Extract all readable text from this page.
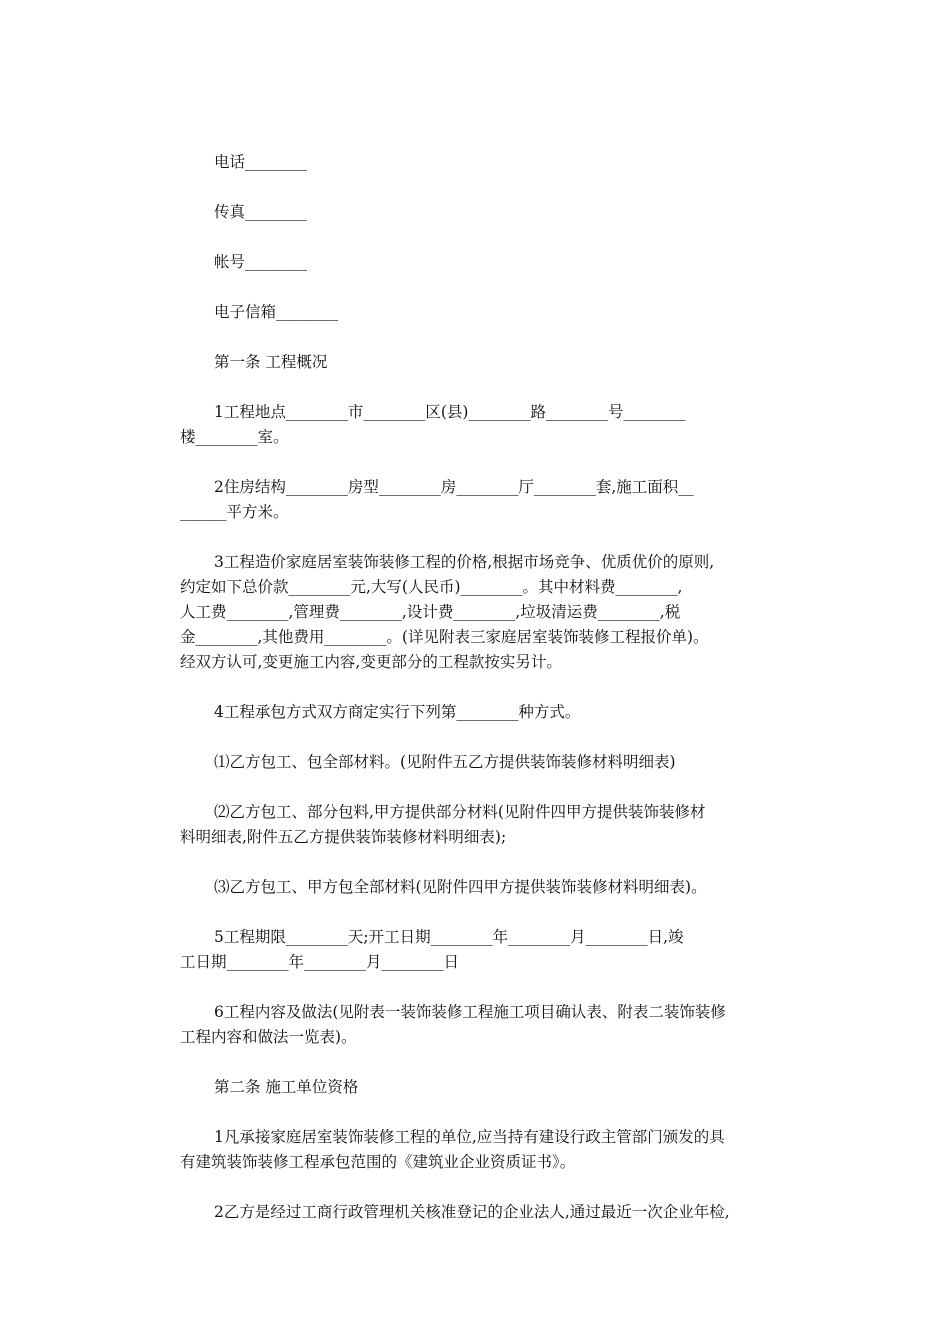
电话________

传真________

帐号________

电子信箱________

第一条 工程概况

1工程地点________市________区(县)________路________号________

楼________室。

2住房结构________房型________房________厅________套,施工面积__

______平方米。

3工程造价家庭居室装饰装修工程的价格,根据市场竞争、优质优价的原则,

约定如下总价款________元,大写(人民币)________。其中材料费________,

人工费________,管理费________,设计费________,垃圾清运费________,税

金________,其他费用________。(详见附表三家庭居室装饰装修工程报价单)。

经双方认可,变更施工内容,变更部分的工程款按实另计。

4工程承包方式双方商定实行下列第________种方式。

⑴乙方包工、包全部材料。(见附件五乙方提供装饰装修材料明细表)

⑵乙方包工、部分包料,甲方提供部分材料(见附件四甲方提供装饰装修材

料明细表,附件五乙方提供装饰装修材料明细表);

⑶乙方包工、甲方包全部材料(见附件四甲方提供装饰装修材料明细表)。

5工程期限________天;开工日期________年________月________日,竣

工日期________年________月________日

6工程内容及做法(见附表一装饰装修工程施工项目确认表、附表二装饰装修

工程内容和做法一览表)。

第二条 施工单位资格

1凡承接家庭居室装饰装修工程的单位,应当持有建设行政主管部门颁发的具

有建筑装饰装修工程承包范围的《建筑业企业资质证书》。

2乙方是经过工商行政管理机关核准登记的企业法人,通过最近一次企业年检,
